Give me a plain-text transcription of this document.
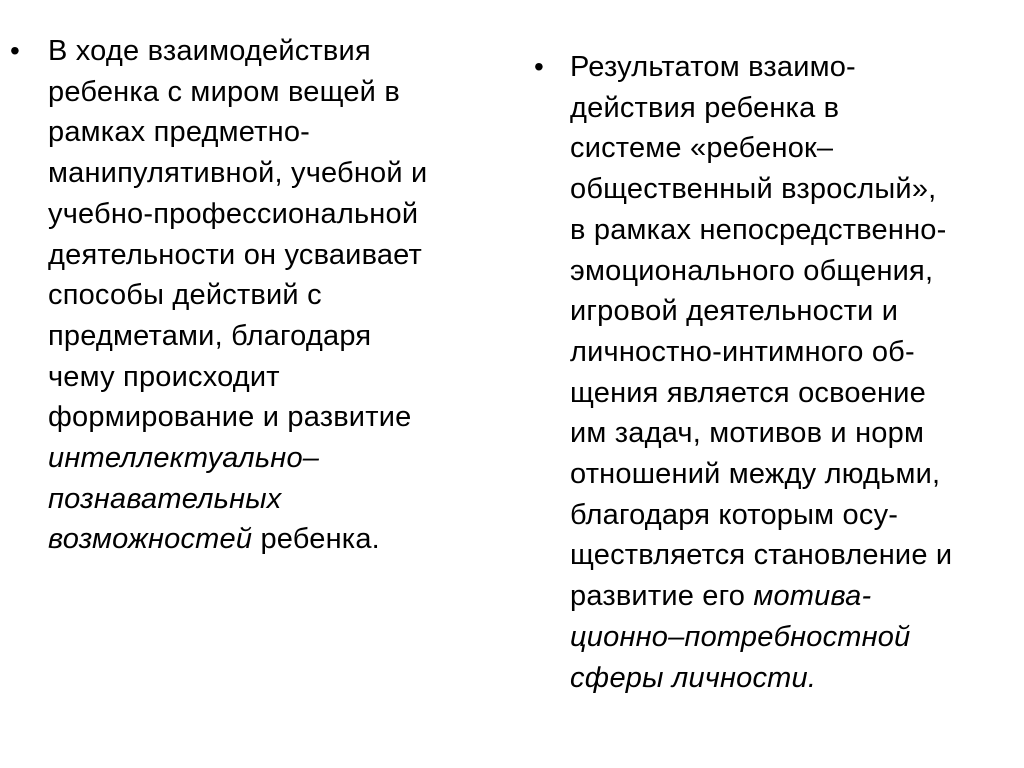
• В ходе взаимодействия
ребенка с миром вещей в
рамках предметно-
манипулятивной, учебной и
учебно-профессиональной
деятельности он усваивает
способы действий с
предметами, благодаря
чему происходит
формирование и развитие
интеллектуально–
познавательных
возможностей ребенка.
• Результатом взаимо-
действия ребенка в
системе «ребенок–
общественный взрослый»,
в рамках непосредственно-
эмоционального общения,
игровой деятельности и
личностно-интимного об-
щения является освоение
им задач, мотивов и норм
отношений между людьми,
благодаря которым осу-
ществляется становление и
развитие его мотива-
ционно–потребностной
сферы личности.
